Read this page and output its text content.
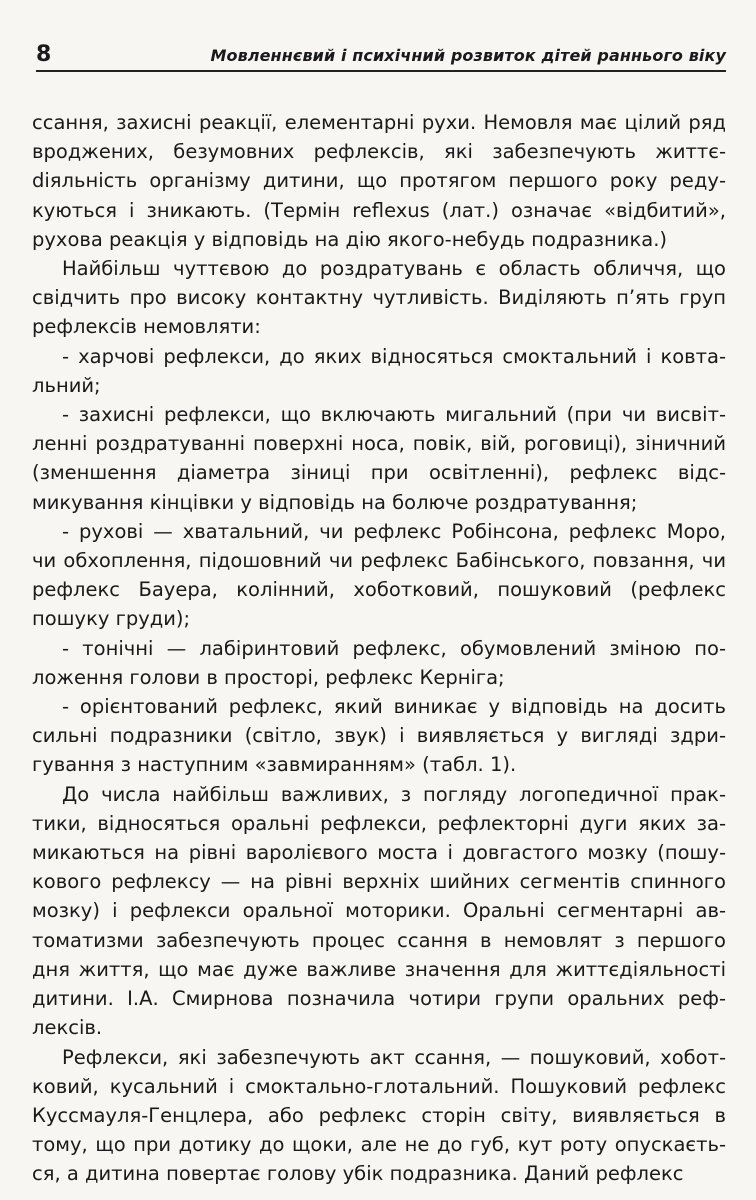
8	Мовленнєвий і психічний розвиток дітей раннього віку

ссання, захисні реакції, елементарні рухи. Немовля має цілий ряд вроджених, безумовних рефлексів, які забезпечують життєdіяльність організму дитини, що протягом першого року редукуються і зникають. (Термін reflexus (лат.) означає «відбитий», рухова реакція у відповідь на дію якого-небудь подразника.)

Найбільш чуттєвою до роздратувань є область обличчя, що свідчить про високу контактну чутливість. Виділяють п’ять груп рефлексів немовляти:

- харчові рефлекси, до яких відносяться смоктальний і ковтальний;

- захисні рефлекси, що включають мигальний (при чи висвітленні роздратуванні поверхні носа, повік, вій, роговиці), зіничний (зменшення діаметра зіниці при освітленні), рефлекс відсмикування кінцівки у відповідь на болюче роздратування;

- рухові — хватальний, чи рефлекс Робінсона, рефлекс Моро, чи обхоплення, підошовний чи рефлекс Бабінського, повзання, чи рефлекс Бауера, колінний, хоботковий, пошуковий (рефлекс пошуку груди);

- тонічні — лабіринтовий рефлекс, обумовлений зміною положення голови в просторі, рефлекс Керніга;

- орієнтований рефлекс, який виникає у відповідь на досить сильні подразники (світло, звук) і виявляється у вигляді здригування з наступним «завмиранням» (табл. 1).

До числа найбільш важливих, з погляду логопедичної практики, відносяться оральні рефлекси, рефлекторні дуги яких замикаються на рівні варолієвого моста і довгастого мозку (пошукового рефлексу — на рівні верхніх шийних сегментів спинного мозку) і рефлекси оральної моторики. Оральні сегментарні автоматизми забезпечують процес ссання в немовлят з першого дня життя, що має дуже важливе значення для життєдіяльності дитини. І.А. Смирнова позначила чотири групи оральних рефлексів.

Рефлекси, які забезпечують акт ссання, — пошуковий, хоботковий, кусальний і смоктально-глотальний. Пошуковий рефлекс Куссмауля-Генцлера, або рефлекс сторін світу, виявляється в тому, що при дотику до щоки, але не до губ, кут роту опускається, а дитина повертає голову убік подразника. Даний рефлекс
